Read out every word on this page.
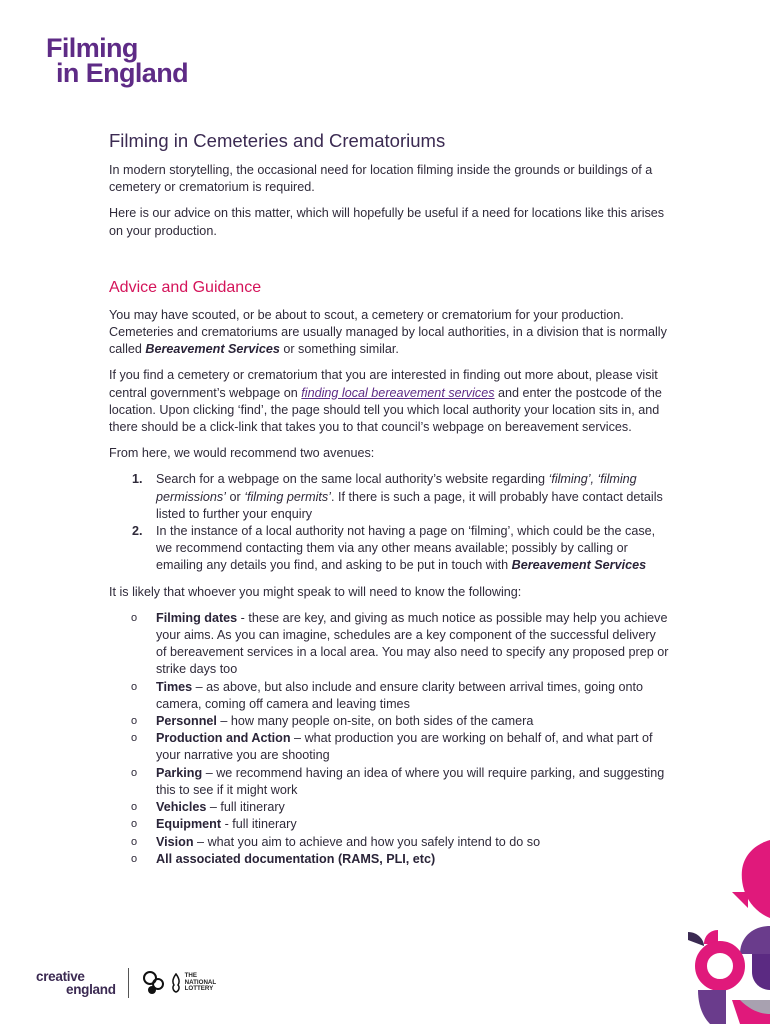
Filming
in England
Filming in Cemeteries and Crematoriums

In modern storytelling, the occasional need for location filming inside the grounds or buildings of a cemetery or crematorium is required.

Here is our advice on this matter, which will hopefully be useful if a need for locations like this arises on your production.

Advice and Guidance

You may have scouted, or be about to scout, a cemetery or crematorium for your production. Cemeteries and crematoriums are usually managed by local authorities, in a division that is normally called Bereavement Services or something similar.

If you find a cemetery or crematorium that you are interested in finding out more about, please visit central government’s webpage on finding local bereavement services and enter the postcode of the location. Upon clicking ‘find’, the page should tell you which local authority your location sits in, and there should be a click-link that takes you to that council’s webpage on bereavement services.

From here, we would recommend two avenues:

1. Search for a webpage on the same local authority’s website regarding ‘filming’, ‘filming permissions’ or ‘filming permits’. If there is such a page, it will probably have contact details listed to further your enquiry
2. In the instance of a local authority not having a page on ‘filming’, which could be the case, we recommend contacting them via any other means available; possibly by calling or emailing any details you find, and asking to be put in touch with Bereavement Services

It is likely that whoever you might speak to will need to know the following:

o Filming dates - these are key, and giving as much notice as possible may help you achieve your aims. As you can imagine, schedules are a key component of the successful delivery of bereavement services in a local area. You may also need to specify any proposed prep or strike days too
o Times – as above, but also include and ensure clarity between arrival times, going onto camera, coming off camera and leaving times
o Personnel – how many people on-site, on both sides of the camera
o Production and Action – what production you are working on behalf of, and what part of your narrative you are shooting
o Parking – we recommend having an idea of where you will require parking, and suggesting this to see if it might work
o Vehicles – full itinerary
o Equipment - full itinerary
o Vision – what you aim to achieve and how you safely intend to do so
o All associated documentation (RAMS, PLI, etc)
creative
england
THE
NATIONAL
LOTTERY
